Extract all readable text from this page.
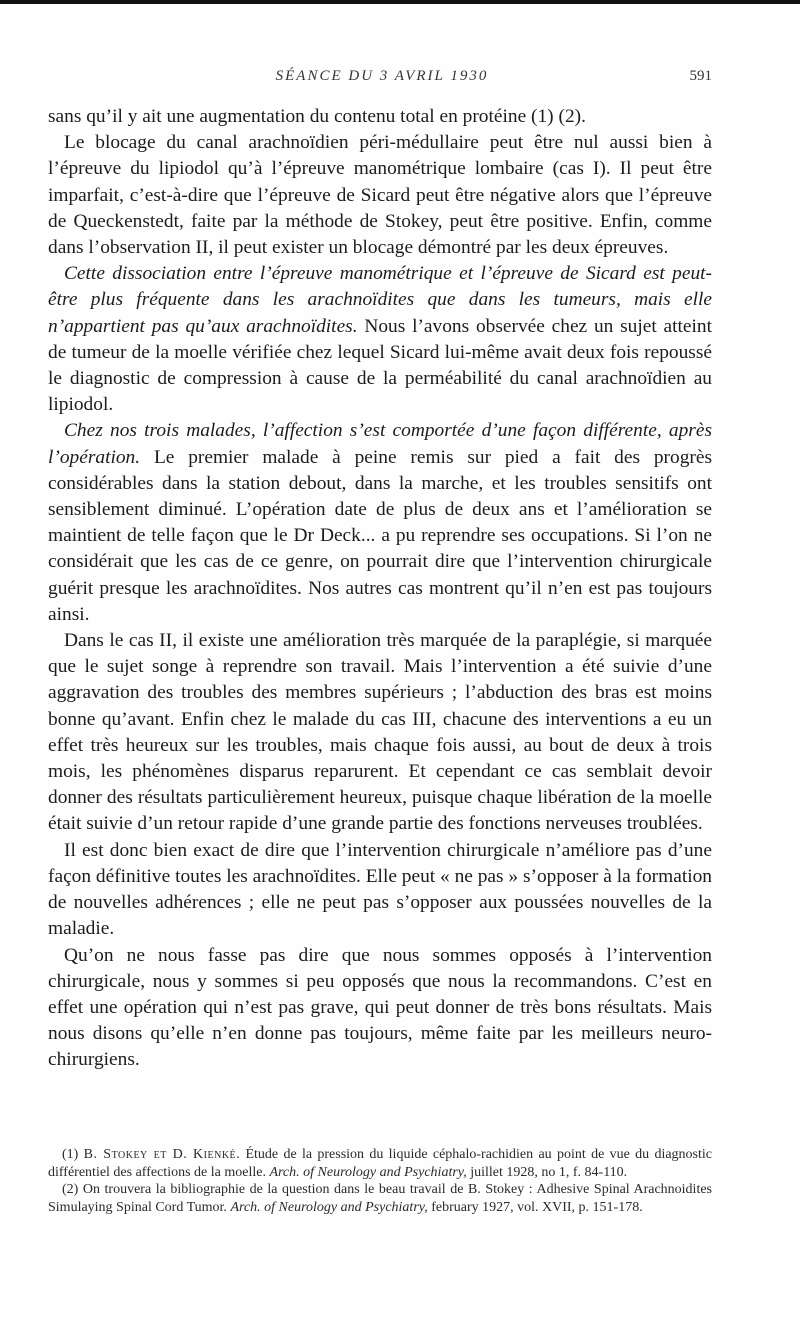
SÉANCE DU 3 AVRIL 1930	591

sans qu’il y ait une augmentation du contenu total en protéine (1) (2).

Le blocage du canal arachnoïdien péri-médullaire peut être nul aussi bien à l’épreuve du lipiodol qu’à l’épreuve manométrique lombaire (cas I). Il peut être imparfait, c’est-à-dire que l’épreuve de Sicard peut être négative alors que l’épreuve de Queckenstedt, faite par la méthode de Stokey, peut être positive. Enfin, comme dans l’observation II, il peut exister un blocage démontré par les deux épreuves.

Cette dissociation entre l’épreuve manométrique et l’épreuve de Sicard est peut-être plus fréquente dans les arachnoïdites que dans les tumeurs, mais elle n’appartient pas qu’aux arachnoïdites. Nous l’avons observée chez un sujet atteint de tumeur de la moelle vérifiée chez lequel Sicard lui-même avait deux fois repoussé le diagnostic de compression à cause de la perméabilité du canal arachnoïdien au lipiodol.

Chez nos trois malades, l’affection s’est comportée d’une façon différente, après l’opération. Le premier malade à peine remis sur pied a fait des progrès considérables dans la station debout, dans la marche, et les troubles sensitifs ont sensiblement diminué. L’opération date de plus de deux ans et l’amélioration se maintient de telle façon que le Dr Deck... a pu reprendre ses occupations. Si l’on ne considérait que les cas de ce genre, on pourrait dire que l’intervention chirurgicale guérit presque les arachnoïdites. Nos autres cas montrent qu’il n’en est pas toujours ainsi.

Dans le cas II, il existe une amélioration très marquée de la paraplégie, si marquée que le sujet songe à reprendre son travail. Mais l’intervention a été suivie d’une aggravation des troubles des membres supérieurs ; l’abduction des bras est moins bonne qu’avant. Enfin chez le malade du cas III, chacune des interventions a eu un effet très heureux sur les troubles, mais chaque fois aussi, au bout de deux à trois mois, les phénomènes disparus reparurent. Et cependant ce cas semblait devoir donner des résultats particulièrement heureux, puisque chaque libération de la moelle était suivie d’un retour rapide d’une grande partie des fonctions nerveuses troublées.

Il est donc bien exact de dire que l’intervention chirurgicale n’améliore pas d’une façon définitive toutes les arachnoïdites. Elle peut « ne pas » s’opposer à la formation de nouvelles adhérences ; elle ne peut pas s’opposer aux poussées nouvelles de la maladie.

Qu’on ne nous fasse pas dire que nous sommes opposés à l’intervention chirurgicale, nous y sommes si peu opposés que nous la recommandons. C’est en effet une opération qui n’est pas grave, qui peut donner de très bons résultats. Mais nous disons qu’elle n’en donne pas toujours, même faite par les meilleurs neuro-chirurgiens.

(1) B. Stokey et D. Kienké. Étude de la pression du liquide céphalo-rachidien au point de vue du diagnostic différentiel des affections de la moelle. Arch. of Neurology and Psychiatry, juillet 1928, no 1, f. 84-110.

(2) On trouvera la bibliographie de la question dans le beau travail de B. Stokey : Adhesive Spinal Arachnoidites Simulaying Spinal Cord Tumor. Arch. of Neurology and Psychiatry, february 1927, vol. XVII, p. 151-178.
